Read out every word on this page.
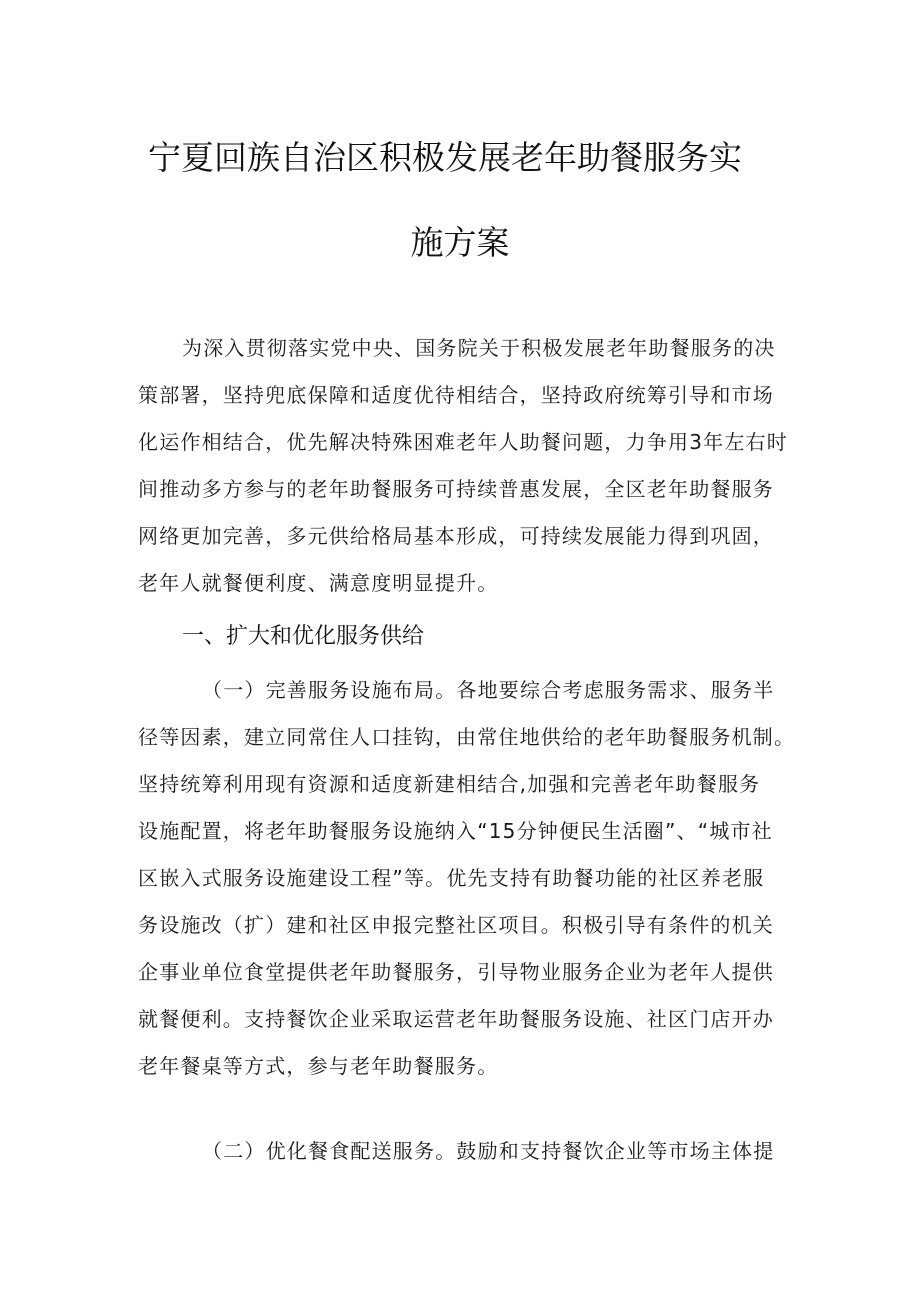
宁夏回族自治区积极发展老年助餐服务实
施方案
为深入贯彻落实党中央、国务院关于积极发展老年助餐服务的决
策部署，坚持兜底保障和适度优待相结合，坚持政府统筹引导和市场
化运作相结合，优先解决特殊困难老年人助餐问题，力争用3年左右时
间推动多方参与的老年助餐服务可持续普惠发展，全区老年助餐服务
网络更加完善，多元供给格局基本形成，可持续发展能力得到巩固，
老年人就餐便利度、满意度明显提升。
一、扩大和优化服务供给
（一）完善服务设施布局。各地要综合考虑服务需求、服务半
径等因素，建立同常住人口挂钩，由常住地供给的老年助餐服务机制。
坚持统筹利用现有资源和适度新建相结合,加强和完善老年助餐服务
设施配置，将老年助餐服务设施纳入“15分钟便民生活圈”、“城市社
区嵌入式服务设施建设工程”等。优先支持有助餐功能的社区养老服
务设施改（扩）建和社区申报完整社区项目。积极引导有条件的机关
企事业单位食堂提供老年助餐服务，引导物业服务企业为老年人提供
就餐便利。支持餐饮企业采取运营老年助餐服务设施、社区门店开办
老年餐桌等方式，参与老年助餐服务。
（二）优化餐食配送服务。鼓励和支持餐饮企业等市场主体提
